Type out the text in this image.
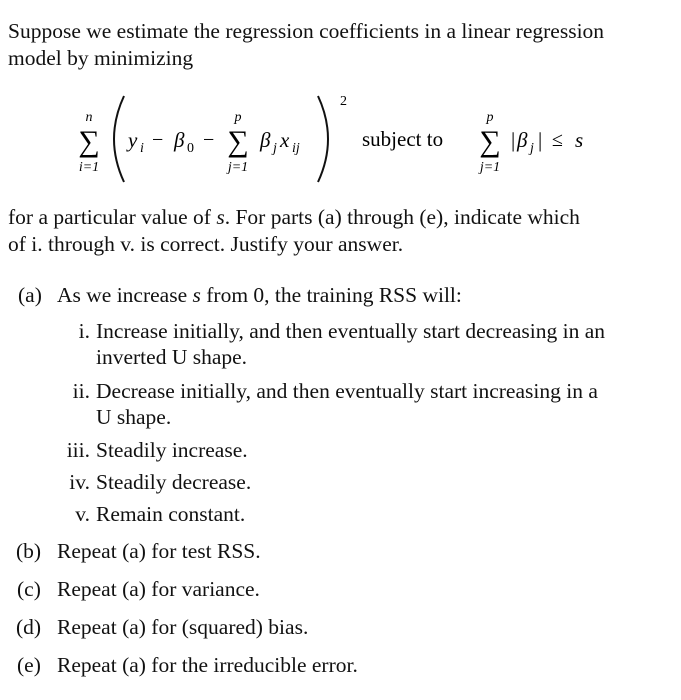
Suppose we estimate the regression coefficients in a linear regression
model by minimizing
n
∑
i=1
y i − β 0 −
p
∑
j=1
β j x ij
2
subject to
p
∑
j=1
| β j | ≤ s
for a particular value of s. For parts (a) through (e), indicate which
of i. through v. is correct. Justify your answer.
(a) As we increase s from 0, the training RSS will:
i. Increase initially, and then eventually start decreasing in an
inverted U shape.
ii. Decrease initially, and then eventually start increasing in a
U shape.
iii. Steadily increase.
iv. Steadily decrease.
v. Remain constant.
(b) Repeat (a) for test RSS.
(c) Repeat (a) for variance.
(d) Repeat (a) for (squared) bias.
(e) Repeat (a) for the irreducible error.
